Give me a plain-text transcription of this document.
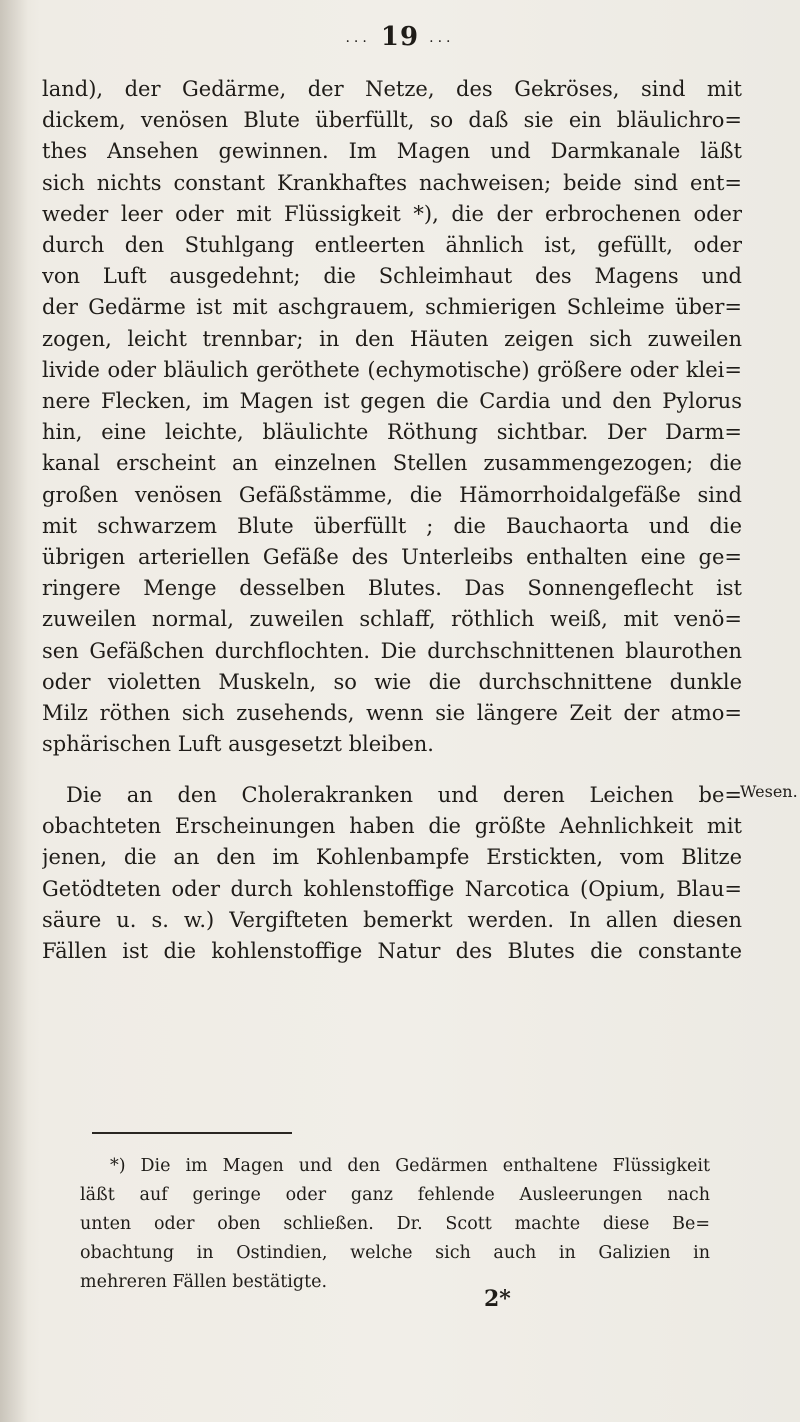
... 19 ...
land), der Gedärme, der Netze, des Gekröses, sind mit
dickem, venösen Blute überfüllt, so daß sie ein bläulichro=
thes Ansehen gewinnen. Im Magen und Darmkanale läßt
sich nichts constant Krankhaftes nachweisen; beide sind ent=
weder leer oder mit Flüssigkeit *), die der erbrochenen oder
durch den Stuhlgang entleerten ähnlich ist, gefüllt, oder
von Luft ausgedehnt; die Schleimhaut des Magens und
der Gedärme ist mit aschgrauem, schmierigen Schleime über=
zogen, leicht trennbar; in den Häuten zeigen sich zuweilen
livide oder bläulich geröthete (echymotische) größere oder klei=
nere Flecken, im Magen ist gegen die Cardia und den Pylorus
hin, eine leichte, bläulichte Röthung sichtbar. Der Darm=
kanal erscheint an einzelnen Stellen zusammengezogen; die
großen venösen Gefäßstämme, die Hämorrhoidalgefäße sind
mit schwarzem Blute überfüllt ; die Bauchaorta und die
übrigen arteriellen Gefäße des Unterleibs enthalten eine ge=
ringere Menge desselben Blutes. Das Sonnengeflecht ist
zuweilen normal, zuweilen schlaff, röthlich weiß, mit venö=
sen Gefäßchen durchflochten. Die durchschnittenen blaurothen
oder violetten Muskeln, so wie die durchschnittene dunkle
Milz röthen sich zusehends, wenn sie längere Zeit der atmo=
sphärischen Luft ausgesetzt bleiben.
Die an den Cholerakranken und deren Leichen be=
obachteten Erscheinungen haben die größte Aehnlichkeit mit
jenen, die an den im Kohlenbampfe Erstickten, vom Blitze
Getödteten oder durch kohlenstoffige Narcotica (Opium, Blau=
säure u. s. w.) Vergifteten bemerkt werden. In allen diesen
Fällen ist die kohlenstoffige Natur des Blutes die constante
Wesen.
*) Die im Magen und den Gedärmen enthaltene Flüssigkeit
läßt auf geringe oder ganz fehlende Ausleerungen nach
unten oder oben schließen. Dr. Scott machte diese Be=
obachtung in Ostindien, welche sich auch in Galizien in
mehreren Fällen bestätigte.
2*
